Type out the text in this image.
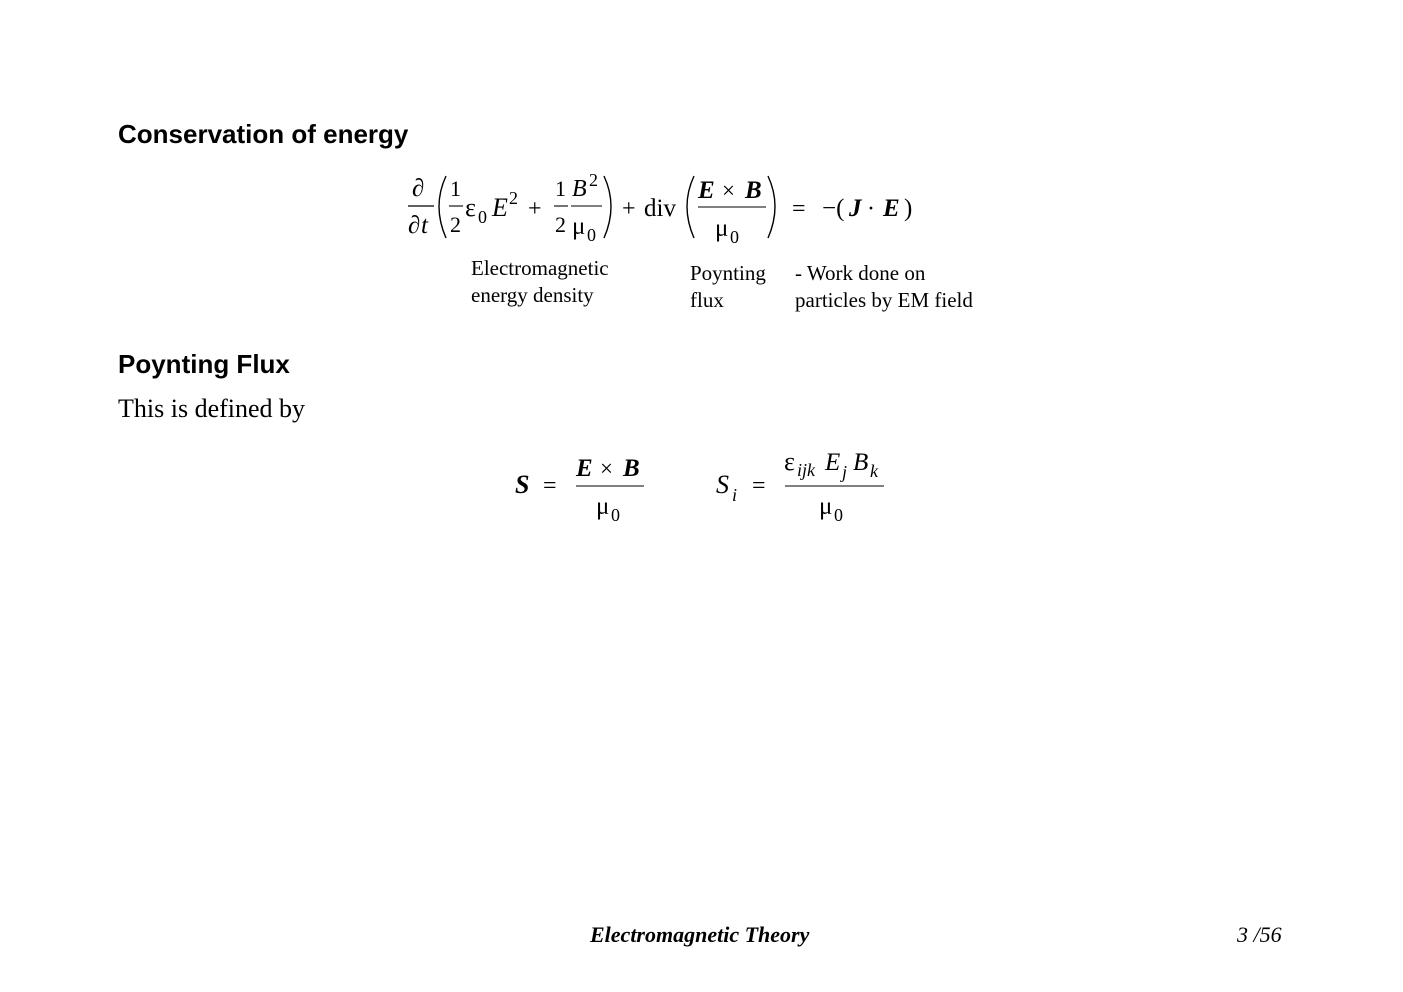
Conservation of energy
∂
∂ t
1
2
ε 0 E 2 +
1
2
B 2
μ 0
+ div
E × B
μ 0
= −( J · E )
Electromagnetic
energy density
Poynting
flux
- Work done on
particles by EM field
Poynting Flux
This is defined by
S =
E × B
μ 0
S i =
ε ijk E j B k
μ 0
Electromagnetic Theory	3 /56
